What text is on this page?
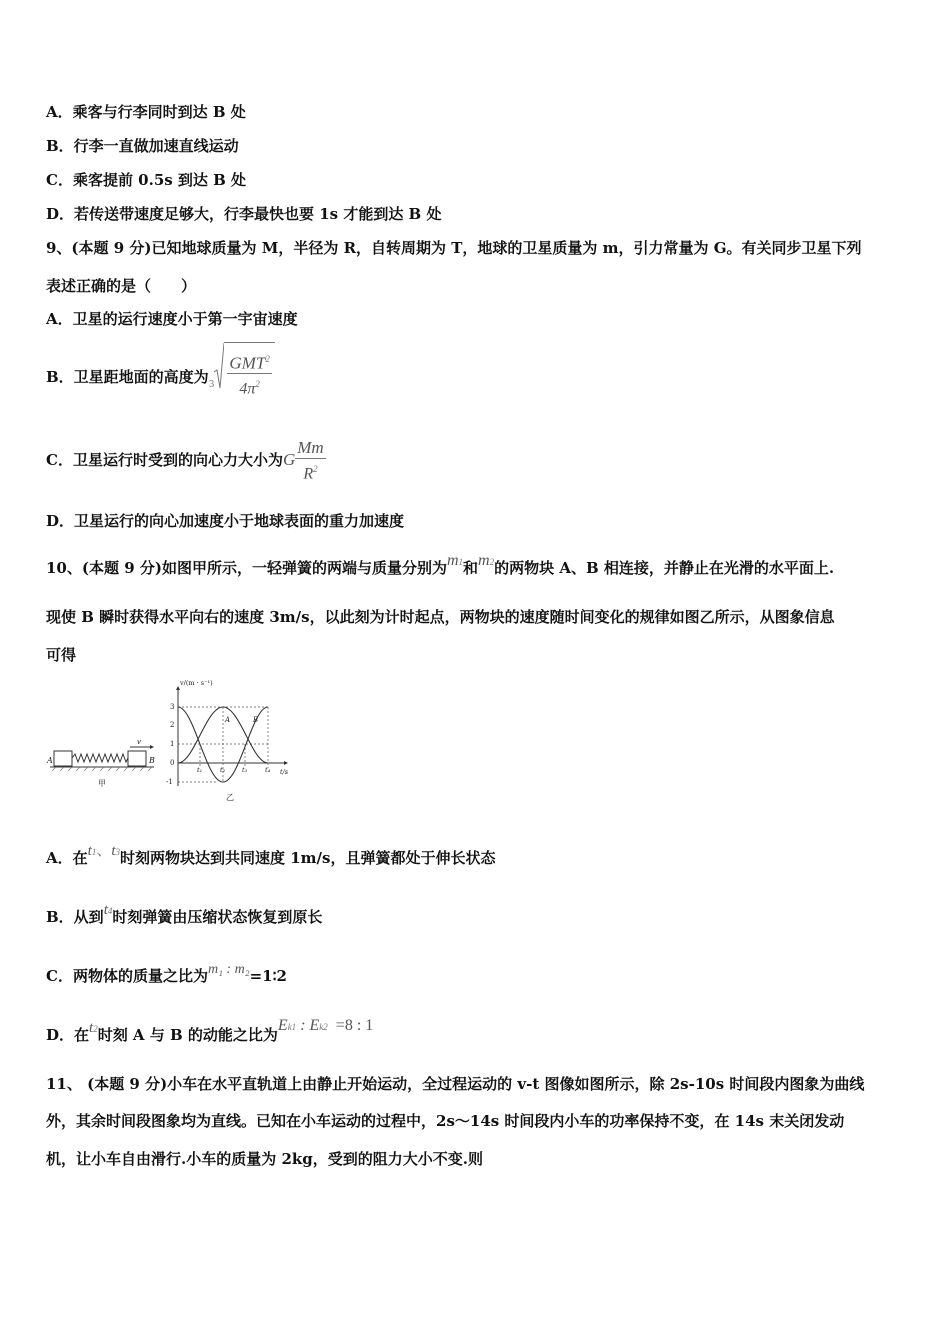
A．乘客与行李同时到达 B 处
B．行李一直做加速直线运动
C．乘客提前 0.5s 到达 B 处
D．若传送带速度足够大，行李最快也要 1s 才能到达 B 处
9、(本题 9 分)已知地球质量为 M，半径为 R，自转周期为 T，地球的卫星质量为 m，引力常量为 G。有关同步卫星下列
表述正确的是（　　）
A．卫星的运行速度小于第一宇宙速度
B．卫星距地面的高度为 $3 \frac{GMT^2}{4\pi^2}$
C．卫星运行时受到的向心力大小为G $\frac{Mm}{R^2}$
D．卫星运行的向心加速度小于地球表面的重力加速度
10、(本题 9 分)如图甲所示，一轻弹簧的两端与质量分别为m1和m2的两物块 A、B 相连接，并静止在光滑的水平面上.
现使 B 瞬时获得水平向右的速度 3m/s，以此刻为计时起点，两物块的速度随时间变化的规律如图乙所示，从图象信息
可得
A	B
v
甲
v/(m · s⁻¹)
t/s
3
2
1
0
-1
A	B
t₁	t₂	t₃	t₄
乙
A．在t1、t3时刻两物块达到共同速度 1m/s，且弹簧都处于伸长状态
B．从到t4时刻弹簧由压缩状态恢复到原长
C．两物体的质量之比为m₁ : m₂=1∶2
D．在t2时刻 A 与 B 的动能之比为Ek1 : Ek2 =8 : 1
11、 (本题 9 分)小车在水平直轨道上由静止开始运动，全过程运动的 v-t 图像如图所示，除 2s-10s 时间段内图象为曲线
外，其余时间段图象均为直线。已知在小车运动的过程中，2s～14s 时间段内小车的功率保持不变，在 14s 末关闭发动
机，让小车自由滑行.小车的质量为 2kg，受到的阻力大小不变.则
